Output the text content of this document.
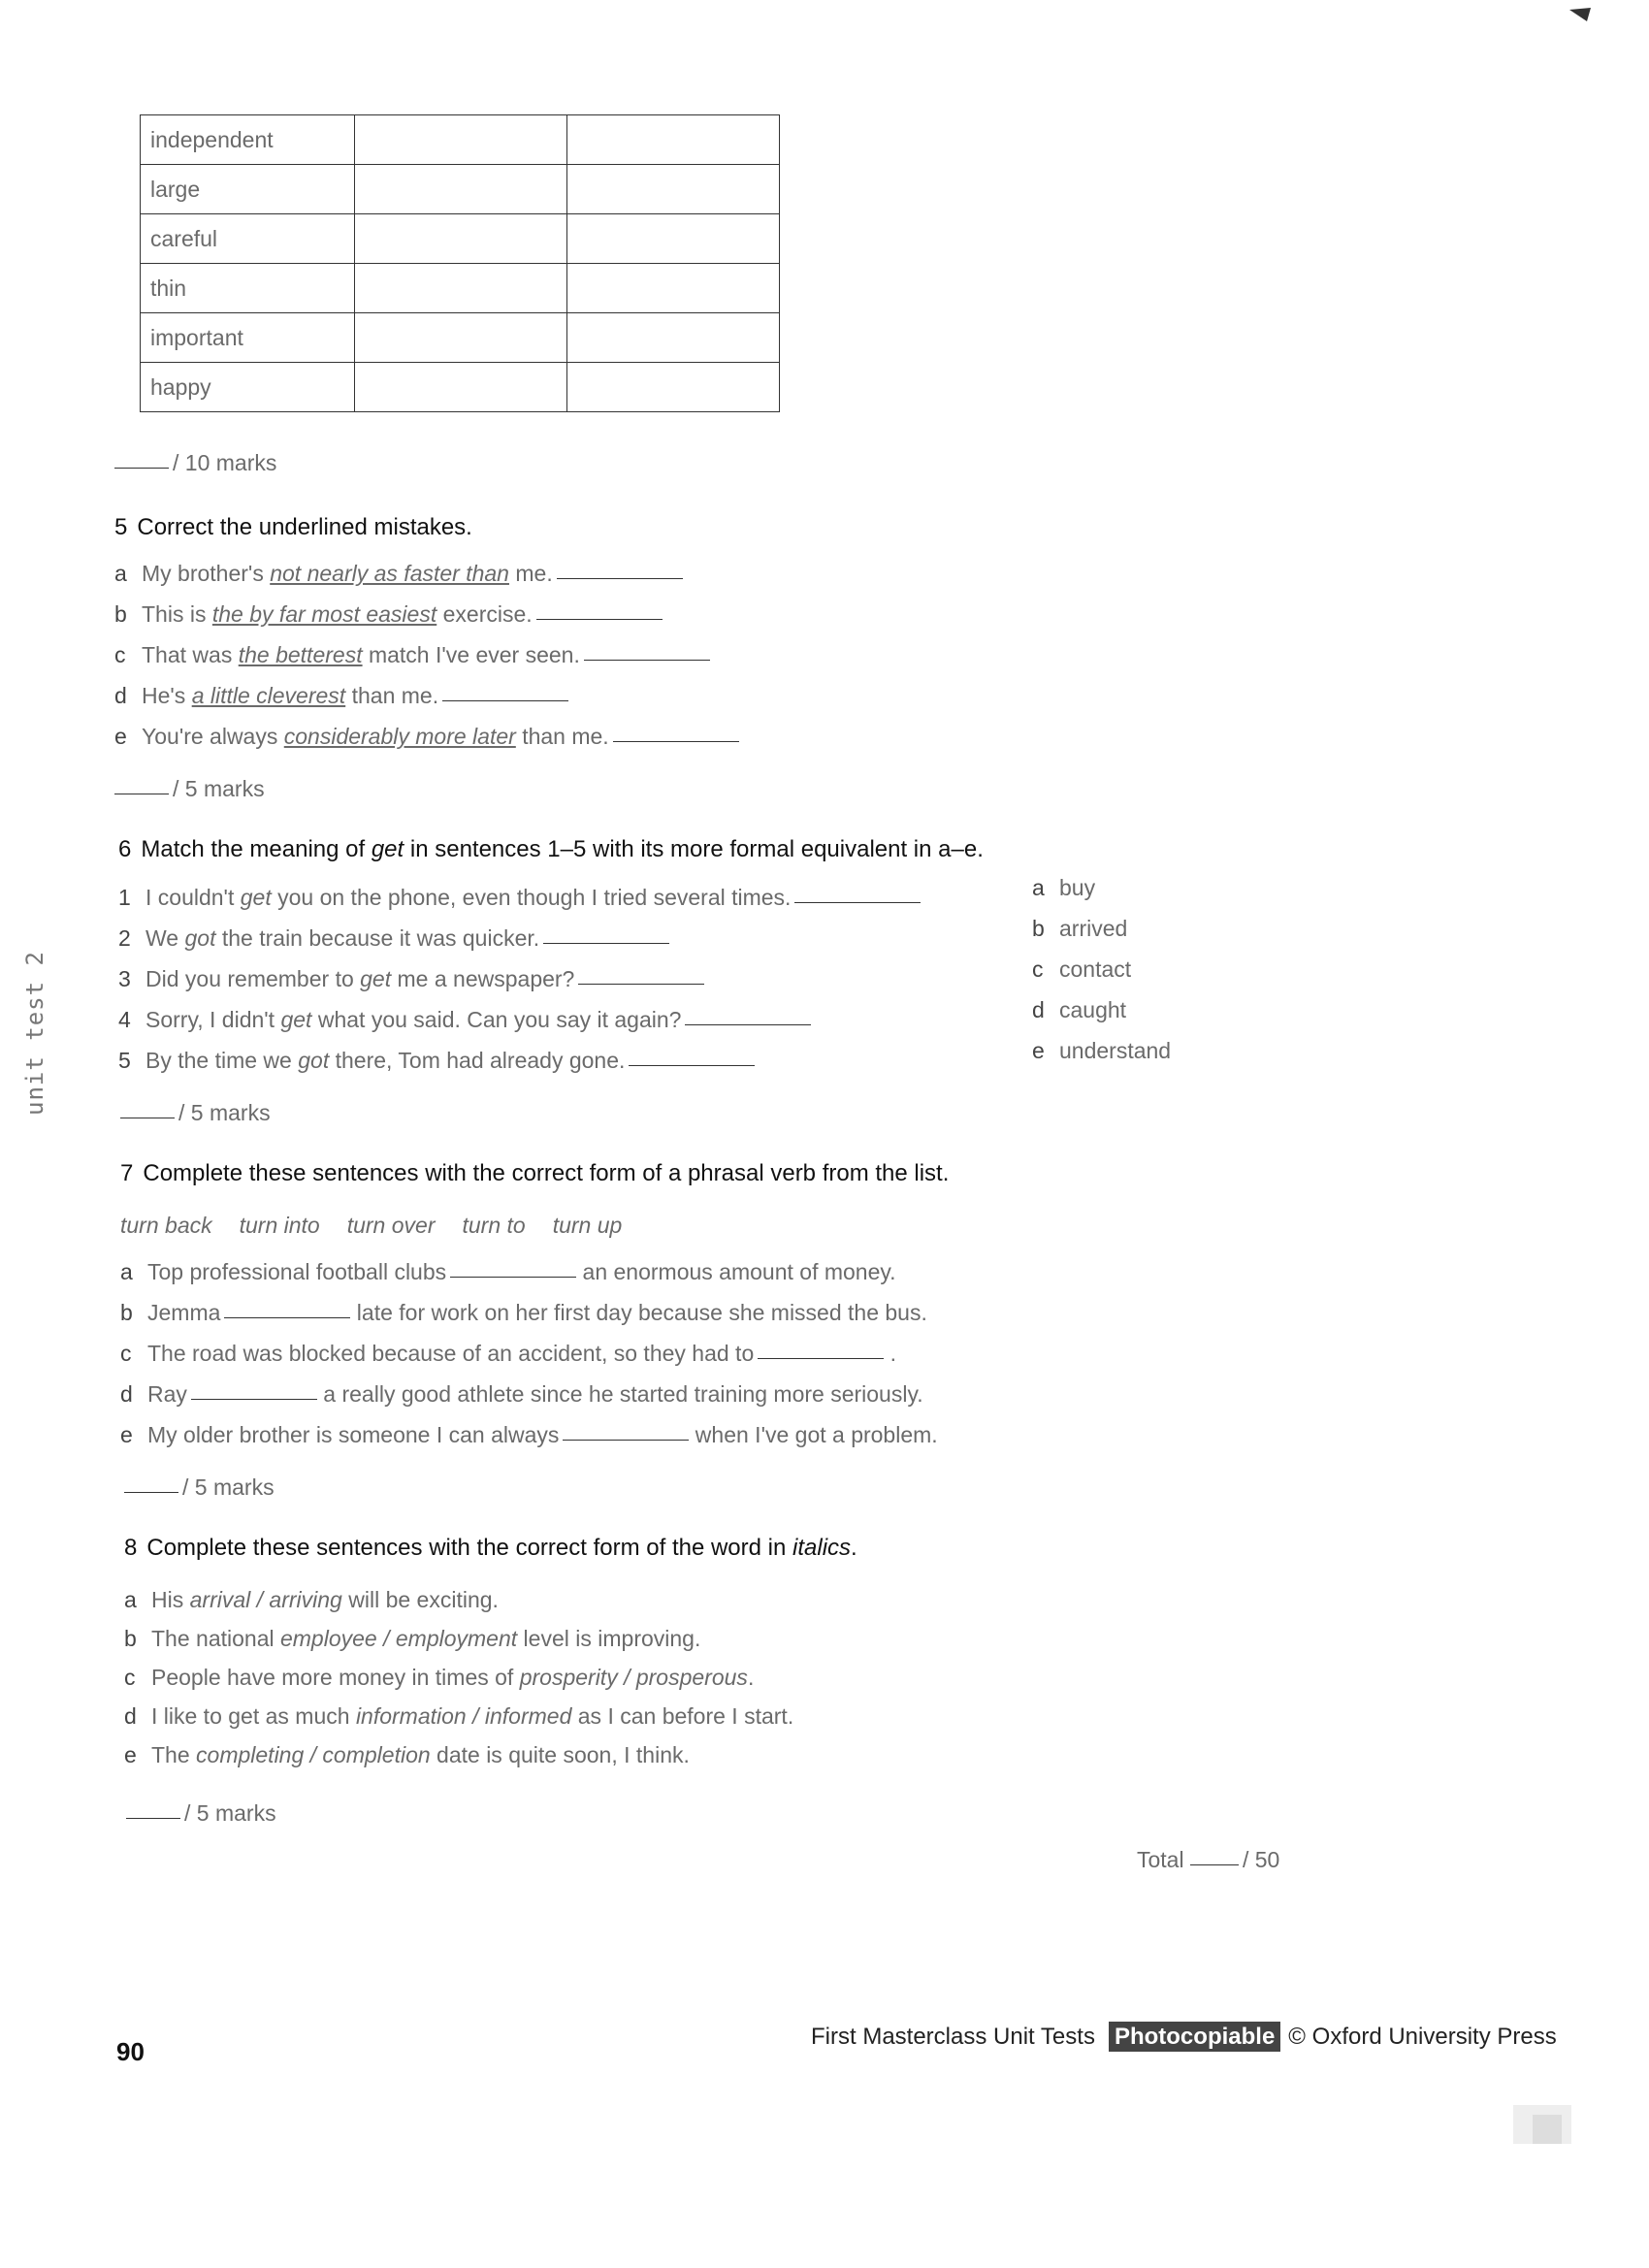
independent		
large		
careful		
thin		
important		
happy		
/ 10 marks
5 Correct the underlined mistakes.
a My brother's not nearly as faster than me.
b This is the by far most easiest exercise.
c That was the betterest match I've ever seen.
d He's a little cleverest than me.
e You're always considerably more later than me.
/ 5 marks
6 Match the meaning of get in sentences 1–5 with its more formal equivalent in a–e.
1 I couldn't get you on the phone, even though I tried several times.
2 We got the train because it was quicker.
3 Did you remember to get me a newspaper?
4 Sorry, I didn't get what you said. Can you say it again?
5 By the time we got there, Tom had already gone.
a buy
b arrived
c contact
d caught
e understand
/ 5 marks
7 Complete these sentences with the correct form of a phrasal verb from the list.
turn back turn into turn over turn to turn up
a Top professional football clubs	an enormous amount of money.
b Jemma	late for work on her first day because she missed the bus.
c The road was blocked because of an accident, so they had to	.
d Ray	a really good athlete since he started training more seriously.
e My older brother is someone I can always	when I've got a problem.
/ 5 marks
8 Complete these sentences with the correct form of the word in italics.
a His arrival / arriving will be exciting.
b The national employee / employment level is improving.
c People have more money in times of prosperity / prosperous.
d I like to get as much information / informed as I can before I start.
e The completing / completion date is quite soon, I think.
/ 5 marks
Total	/ 50
unit test 2
90
First Masterclass Unit Tests Photocopiable © Oxford University Press
